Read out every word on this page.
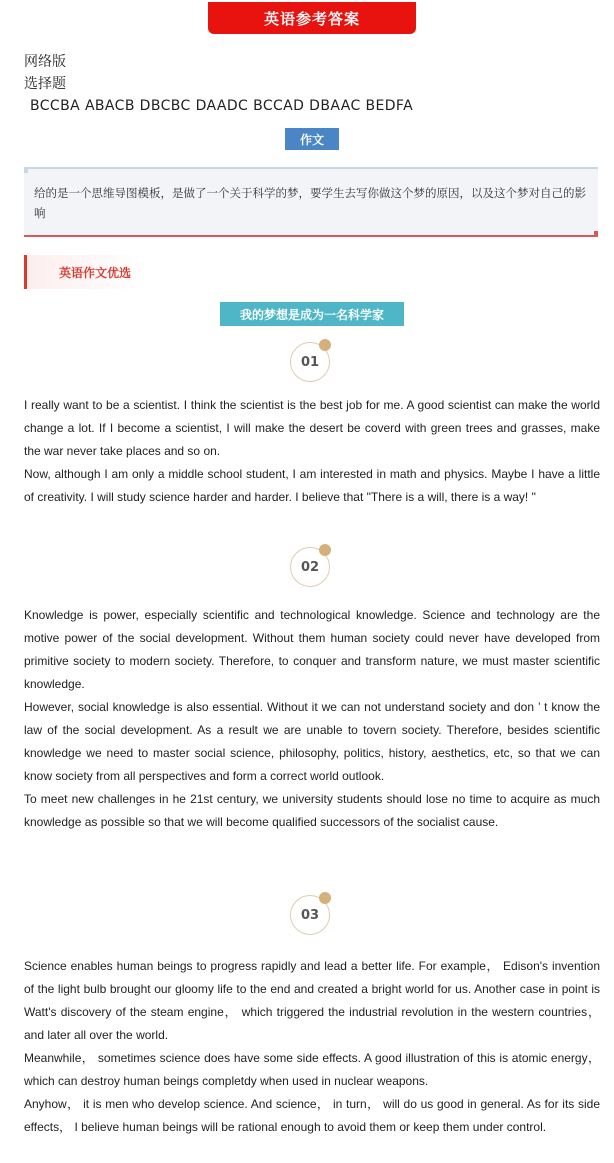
英语参考答案
网络版
选择题
BCCBA ABACB DBCBC DAADC BCCAD DBAAC BEDFA
作文
给的是一个思维导图模板，是做了一个关于科学的梦，要学生去写你做这个梦的原因，以及这个梦对自己的影响
英语作文优选
我的梦想是成为一名科学家
01

I really want to be a scientist. I think the scientist is the best job for me. A good scientist can make the world change a lot. If I become a scientist, I will make the desert be coverd with green trees and grasses, make the war never take places and so on.

Now, although I am only a middle school student, I am interested in math and physics. Maybe I have a little of creativity. I will study science harder and harder. I believe that "There is a will, there is a way! "

02

Knowledge is power, especially scientific and technological knowledge. Science and technology are the motive power of the social development. Without them human society could never have developed from primitive society to modern society. Therefore, to conquer and transform nature, we must master scientific knowledge.

However, social knowledge is also essential. Without it we can not understand society and don ’ t know the law of the social development. As a result we are unable to tovern society. Therefore, besides scientific knowledge we need to master social science, philosophy, politics, history, aesthetics, etc, so that we can know society from all perspectives and form a correct world outlook.

To meet new challenges in he 21st century, we university students should lose no time to acquire as much knowledge as possible so that we will become qualified successors of the socialist cause.

03

Science enables human beings to progress rapidly and lead a better life. For example， Edison's invention of the light bulb brought our gloomy life to the end and created a bright world for us. Another case in point is Watt's discovery of the steam engine， which triggered the industrial revolution in the western countries， and later all over the world.

Meanwhile， sometimes science does have some side effects. A good illustration of this is atomic energy， which can destroy human beings completdy when used in nuclear weapons.

Anyhow， it is men who develop science. And science， in turn， will do us good in general. As for its side effects， I believe human beings will be rational enough to avoid them or keep them under control.
